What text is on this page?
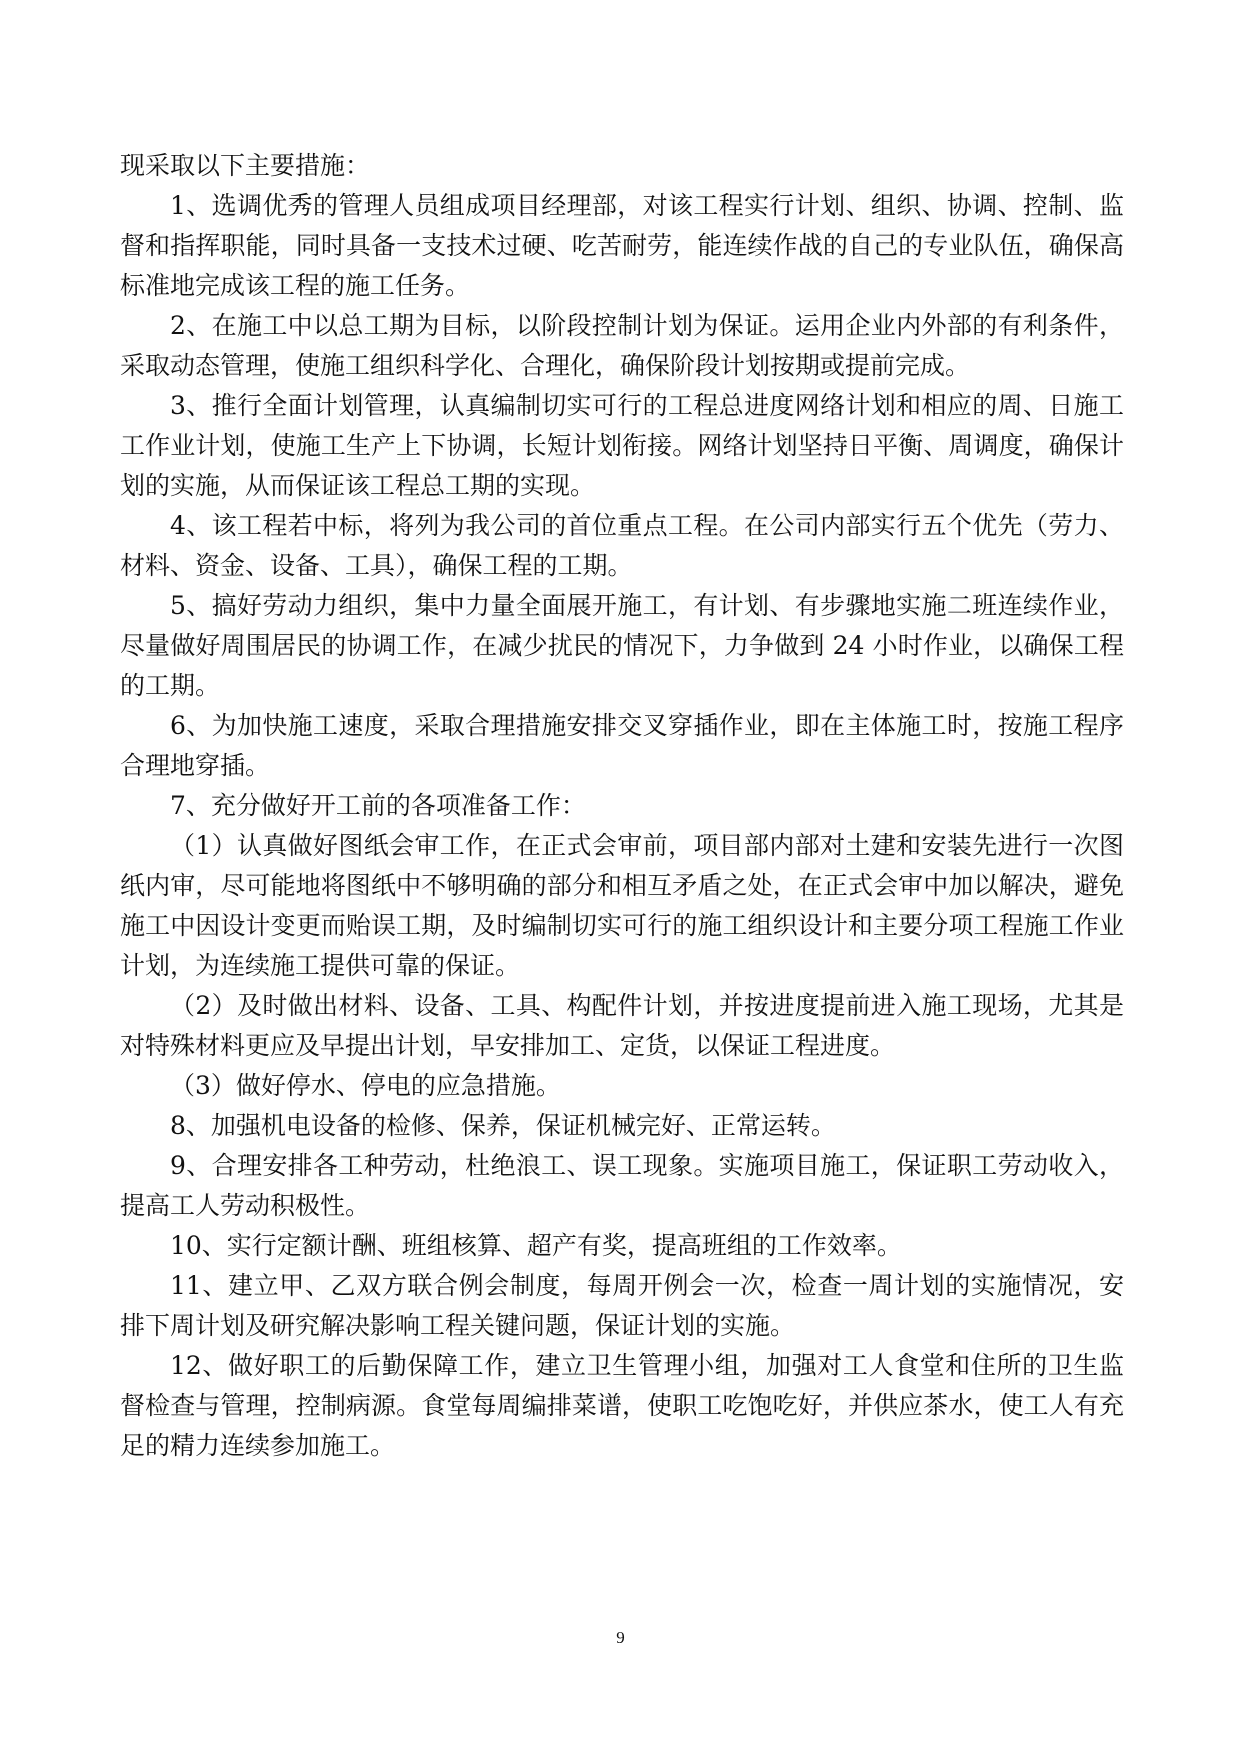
现采取以下主要措施：

1、选调优秀的管理人员组成项目经理部，对该工程实行计划、组织、协调、控制、监督和指挥职能，同时具备一支技术过硬、吃苦耐劳，能连续作战的自己的专业队伍，确保高标准地完成该工程的施工任务。

2、在施工中以总工期为目标，以阶段控制计划为保证。运用企业内外部的有利条件，采取动态管理，使施工组织科学化、合理化，确保阶段计划按期或提前完成。

3、推行全面计划管理，认真编制切实可行的工程总进度网络计划和相应的周、日施工工作业计划，使施工生产上下协调，长短计划衔接。网络计划坚持日平衡、周调度，确保计划的实施，从而保证该工程总工期的实现。

4、该工程若中标，将列为我公司的首位重点工程。在公司内部实行五个优先（劳力、材料、资金、设备、工具），确保工程的工期。

5、搞好劳动力组织，集中力量全面展开施工，有计划、有步骤地实施二班连续作业，尽量做好周围居民的协调工作，在减少扰民的情况下，力争做到 24 小时作业，以确保工程的工期。

6、为加快施工速度，采取合理措施安排交叉穿插作业，即在主体施工时，按施工程序合理地穿插。

7、充分做好开工前的各项准备工作：

（1）认真做好图纸会审工作，在正式会审前，项目部内部对土建和安装先进行一次图纸内审，尽可能地将图纸中不够明确的部分和相互矛盾之处，在正式会审中加以解决，避免施工中因设计变更而贻误工期，及时编制切实可行的施工组织设计和主要分项工程施工作业计划，为连续施工提供可靠的保证。

（2）及时做出材料、设备、工具、构配件计划，并按进度提前进入施工现场，尤其是对特殊材料更应及早提出计划，早安排加工、定货，以保证工程进度。

（3）做好停水、停电的应急措施。

8、加强机电设备的检修、保养，保证机械完好、正常运转。

9、合理安排各工种劳动，杜绝浪工、误工现象。实施项目施工，保证职工劳动收入，提高工人劳动积极性。

10、实行定额计酬、班组核算、超产有奖，提高班组的工作效率。

11、建立甲、乙双方联合例会制度，每周开例会一次，检查一周计划的实施情况，安排下周计划及研究解决影响工程关键问题，保证计划的实施。

12、做好职工的后勤保障工作，建立卫生管理小组，加强对工人食堂和住所的卫生监督检查与管理，控制病源。食堂每周编排菜谱，使职工吃饱吃好，并供应茶水，使工人有充足的精力连续参加施工。

9
